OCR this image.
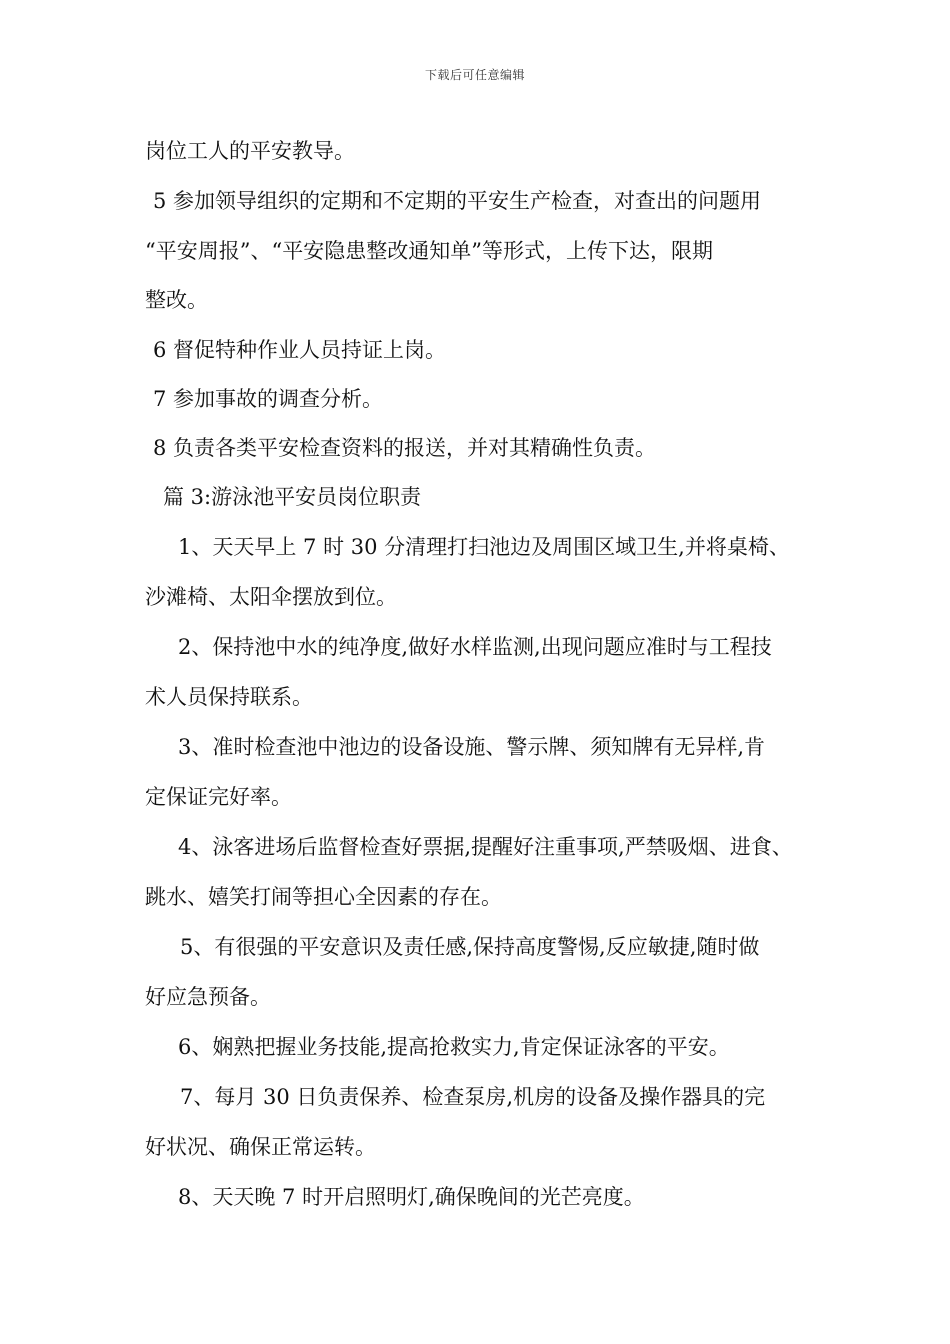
下载后可任意编辑
岗位工人的平安教导。
5 参加领导组织的定期和不定期的平安生产检查，对查出的问题用
“平安周报”、“平安隐患整改通知单”等形式，上传下达，限期
整改。
6 督促特种作业人员持证上岗。
7 参加事故的调查分析。
8 负责各类平安检查资料的报送，并对其精确性负责。
篇 3:游泳池平安员岗位职责
1、天天早上 7 时 30 分清理打扫池边及周围区域卫生,并将桌椅、
沙滩椅、太阳伞摆放到位。
2、保持池中水的纯净度,做好水样监测,出现问题应准时与工程技
术人员保持联系。
3、准时检查池中池边的设备设施、警示牌、须知牌有无异样,肯
定保证完好率。
4、泳客进场后监督检查好票据,提醒好注重事项,严禁吸烟、进食、
跳水、嬉笑打闹等担心全因素的存在。
5、有很强的平安意识及责任感,保持高度警惕,反应敏捷,随时做
好应急预备。
6、娴熟把握业务技能,提高抢救实力,肯定保证泳客的平安。
7、每月 30 日负责保养、检查泵房,机房的设备及操作器具的完
好状况、确保正常运转。
8、天天晚 7 时开启照明灯,确保晚间的光芒亮度。
